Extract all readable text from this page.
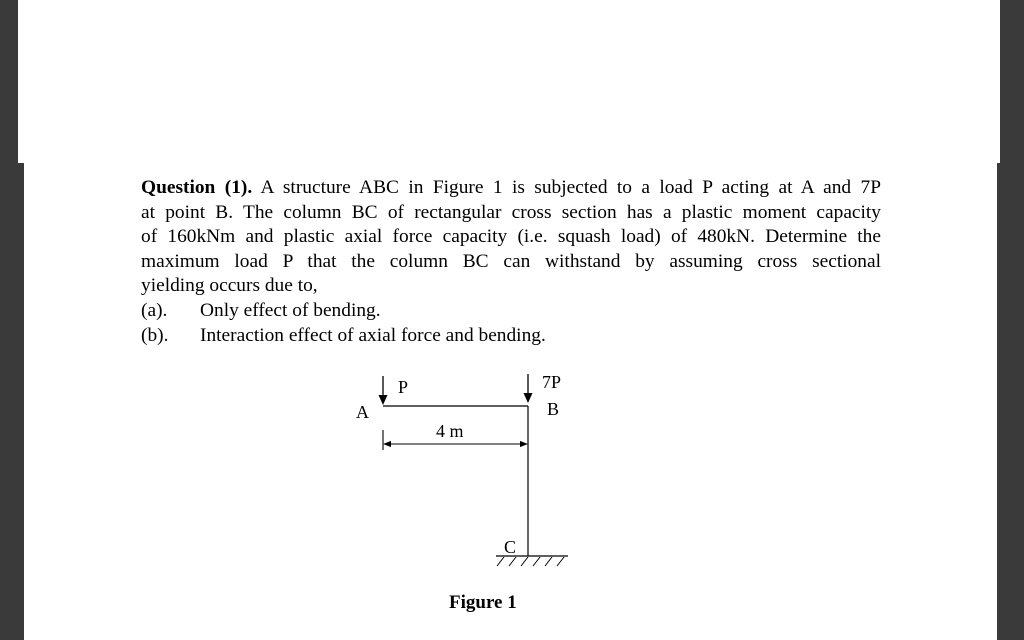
Question (1). A structure ABC in Figure 1 is subjected to a load P acting at A and 7P
at point B. The column BC of rectangular cross section has a plastic moment capacity
of 160kNm and plastic axial force capacity (i.e. squash load) of 480kN. Determine the
maximum load P that the column BC can withstand by assuming cross sectional
yielding occurs due to,
(a).	Only effect of bending.
(b).	Interaction effect of axial force and bending.
P	7P
A	B
C
4 m
Figure 1
